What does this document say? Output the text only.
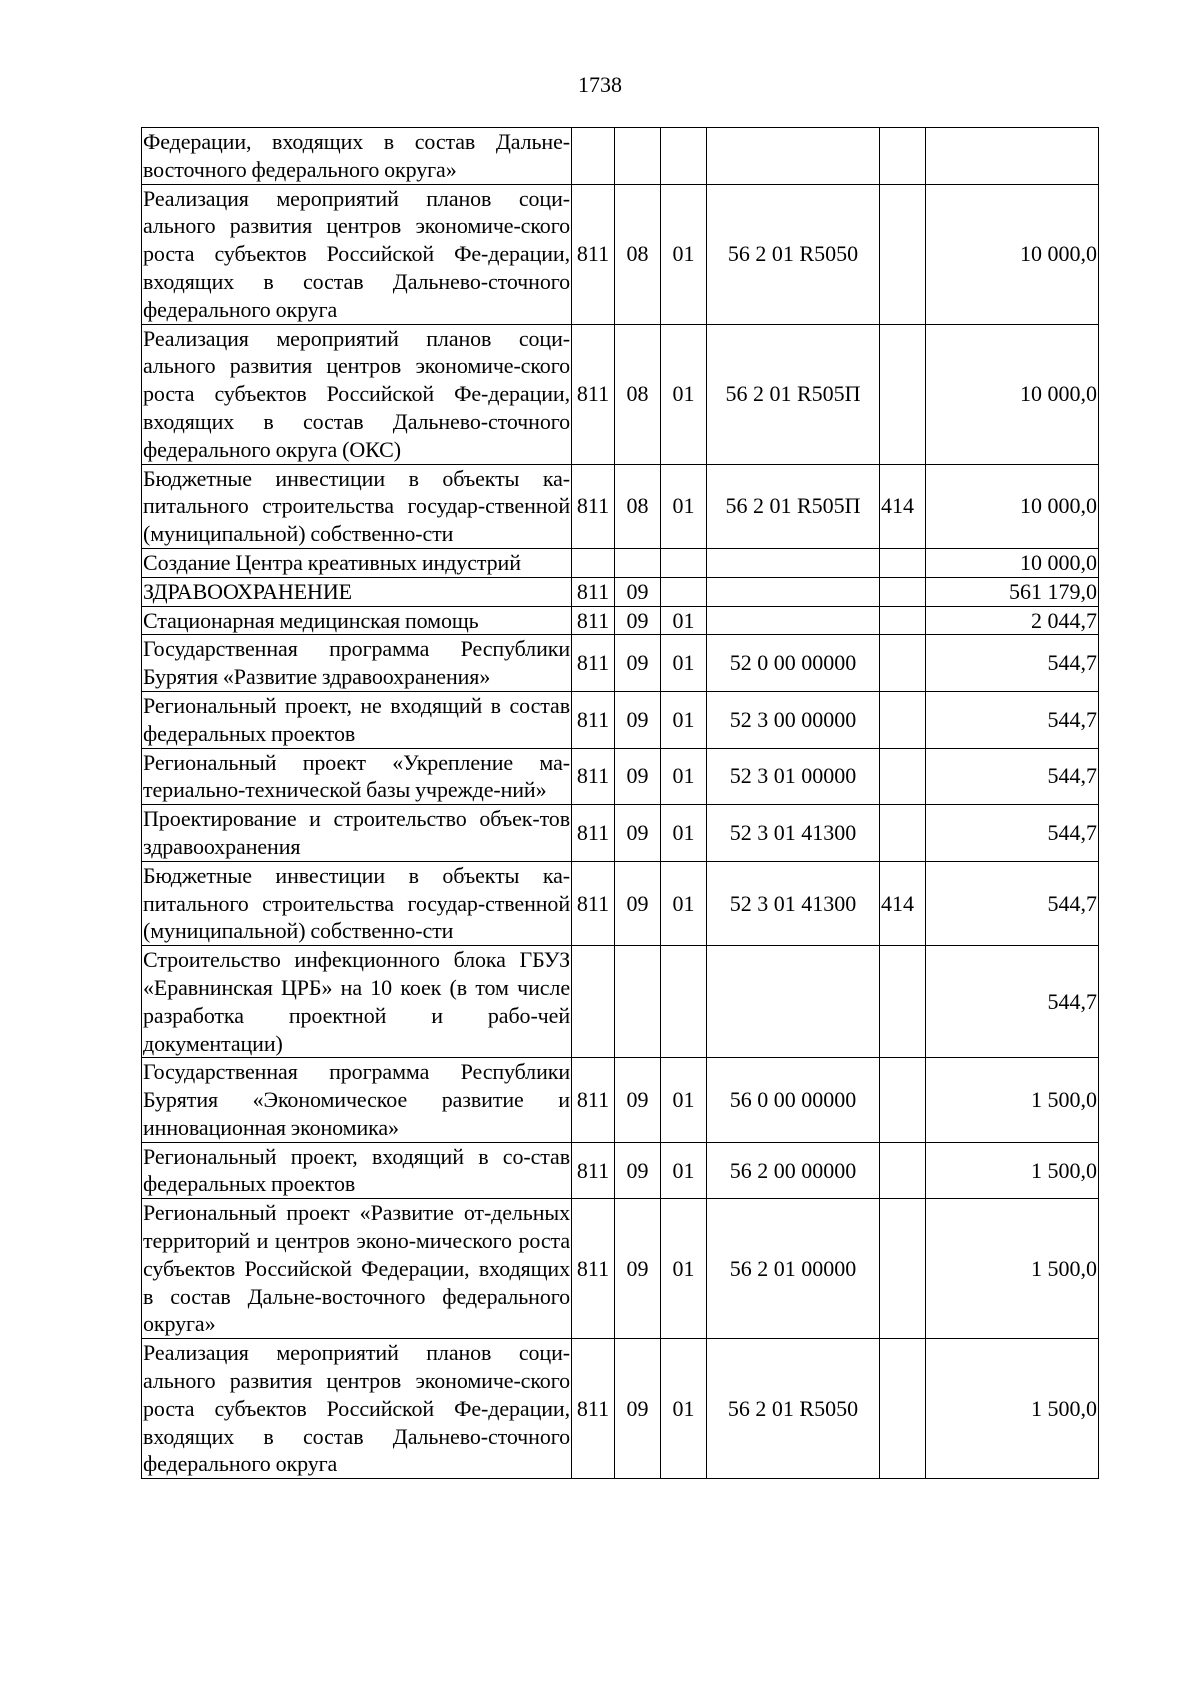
1738
Федерации, входящих в состав Дальне-восточного федерального округа»						
Реализация мероприятий планов соци-ального развития центров экономиче-ского роста субъектов Российской Фе-дерации, входящих в состав Дальнево-сточного федерального округа	811	08	01	56 2 01 R5050		10 000,0
Реализация мероприятий планов соци-ального развития центров экономиче-ского роста субъектов Российской Фе-дерации, входящих в состав Дальнево-сточного федерального округа (ОКС)	811	08	01	56 2 01 R505П		10 000,0
Бюджетные инвестиции в объекты ка-питального строительства государ-ственной (муниципальной) собственно-сти	811	08	01	56 2 01 R505П	414	10 000,0
Создание Центра креативных индустрий						10 000,0
ЗДРАВООХРАНЕНИЕ	811	09				561 179,0
Стационарная медицинская помощь	811	09	01			2 044,7
Государственная программа Республики Бурятия «Развитие здравоохранения»	811	09	01	52 0 00 00000		544,7
Региональный проект, не входящий в состав федеральных проектов	811	09	01	52 3 00 00000		544,7
Региональный проект «Укрепление ма-териально-технической базы учрежде-ний»	811	09	01	52 3 01 00000		544,7
Проектирование и строительство объек-тов здравоохранения	811	09	01	52 3 01 41300		544,7
Бюджетные инвестиции в объекты ка-питального строительства государ-ственной (муниципальной) собственно-сти	811	09	01	52 3 01 41300	414	544,7
Строительство инфекционного блока ГБУЗ «Еравнинская ЦРБ» на 10 коек (в том числе разработка проектной и рабо-чей документации)						544,7
Государственная программа Республики Бурятия «Экономическое развитие и инновационная экономика»	811	09	01	56 0 00 00000		1 500,0
Региональный проект, входящий в со-став федеральных проектов	811	09	01	56 2 00 00000		1 500,0
Региональный проект «Развитие от-дельных территорий и центров эконо-мического роста субъектов Российской Федерации, входящих в состав Дальне-восточного федерального округа»	811	09	01	56 2 01 00000		1 500,0
Реализация мероприятий планов соци-ального развития центров экономиче-ского роста субъектов Российской Фе-дерации, входящих в состав Дальнево-сточного федерального округа	811	09	01	56 2 01 R5050		1 500,0
